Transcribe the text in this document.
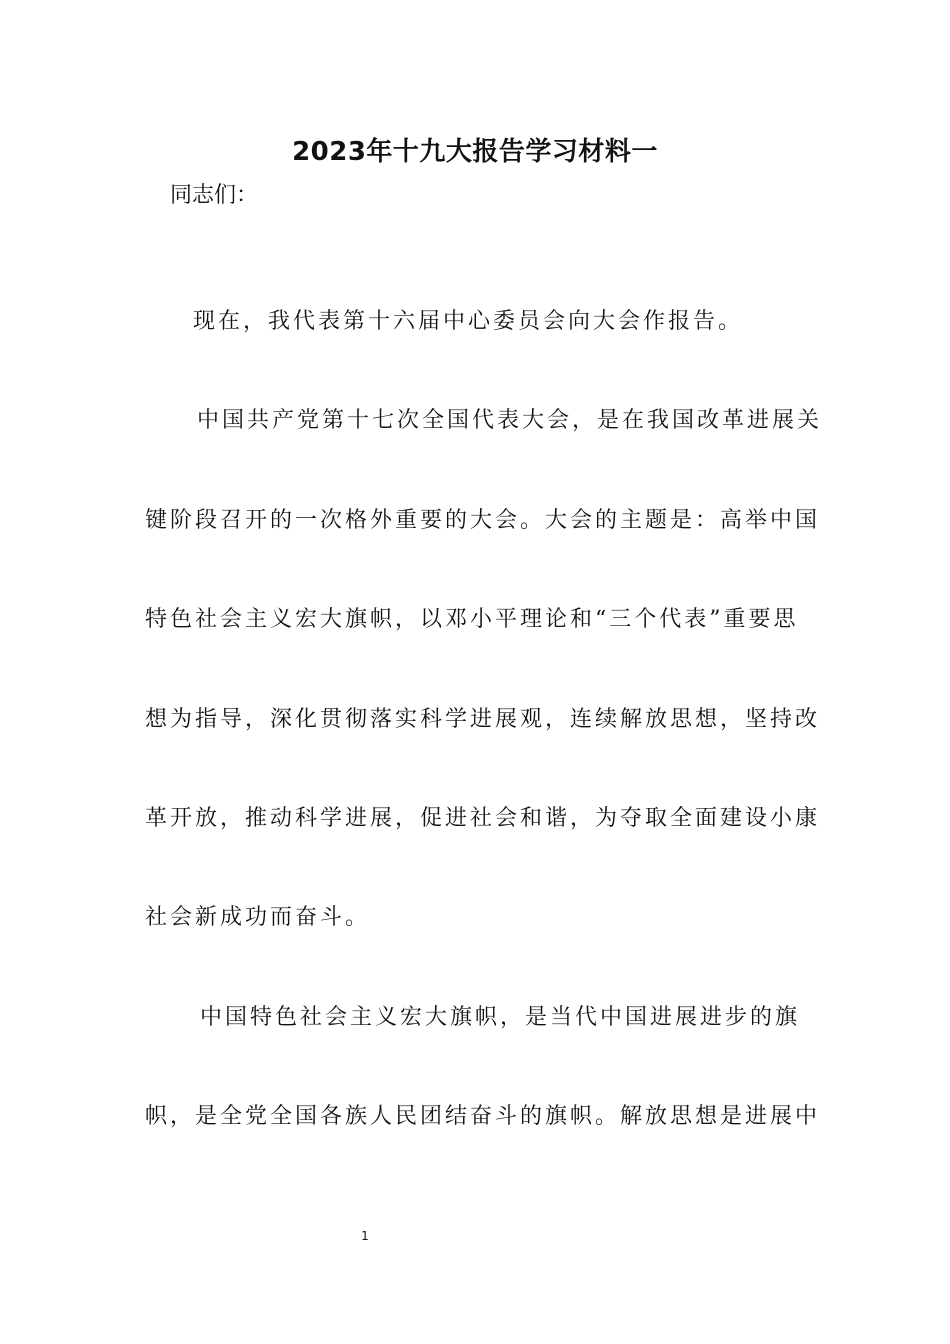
2023年十九大报告学习材料一
同志们：
现在，我代表第十六届中心委员会向大会作报告。
中国共产党第十七次全国代表大会，是在我国改革进展关
键阶段召开的一次格外重要的大会。大会的主题是：高举中国
特色社会主义宏大旗帜，以邓小平理论和“三个代表”重要思
想为指导，深化贯彻落实科学进展观，连续解放思想，坚持改
革开放，推动科学进展，促进社会和谐，为夺取全面建设小康
社会新成功而奋斗。
中国特色社会主义宏大旗帜，是当代中国进展进步的旗
帜，是全党全国各族人民团结奋斗的旗帜。解放思想是进展中
1
